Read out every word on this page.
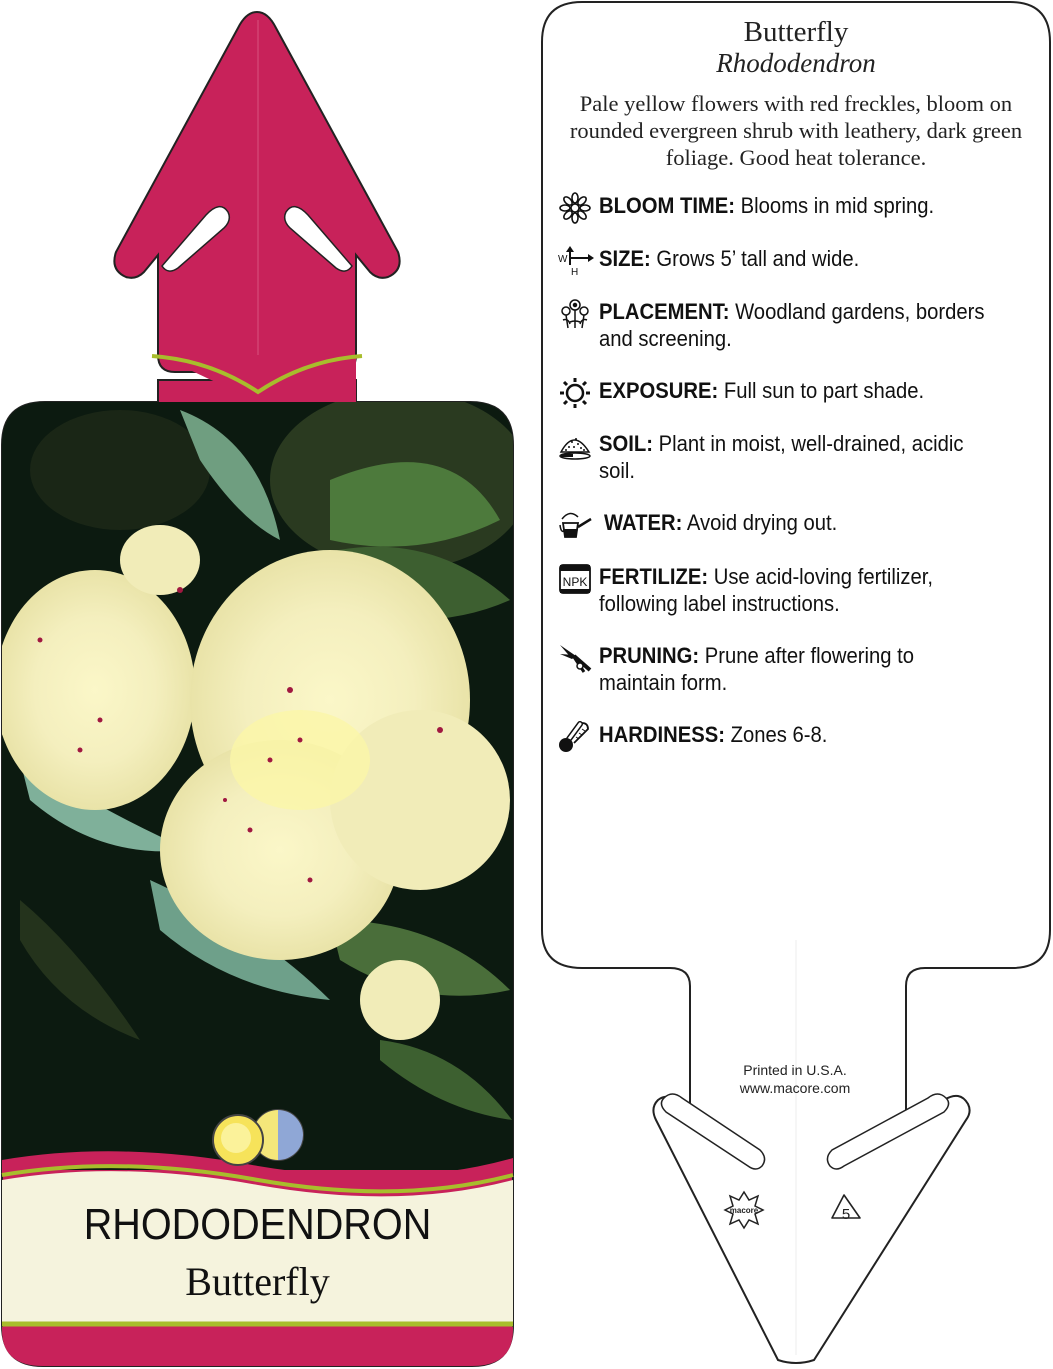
RHODODENDRON
Butterfly
macore	5
Butterfly
Rhododendron
Pale yellow flowers with red freckles, bloom on rounded evergreen shrub with leathery, dark green foliage. Good heat tolerance.
BLOOM TIME: Blooms in mid spring.
W
H
SIZE: Grows 5’ tall and wide.
PLACEMENT: Woodland gardens, borders
and screening.
EXPOSURE: Full sun to part shade.
SOIL: Plant in moist, well-drained, acidic
soil.
WATER: Avoid drying out.
NPK FERTILIZE: Use acid-loving fertilizer,
following label instructions.
PRUNING: Prune after flowering to
maintain form.
HARDINESS: Zones 6-8.
Printed in U.S.A.
www.macore.com
